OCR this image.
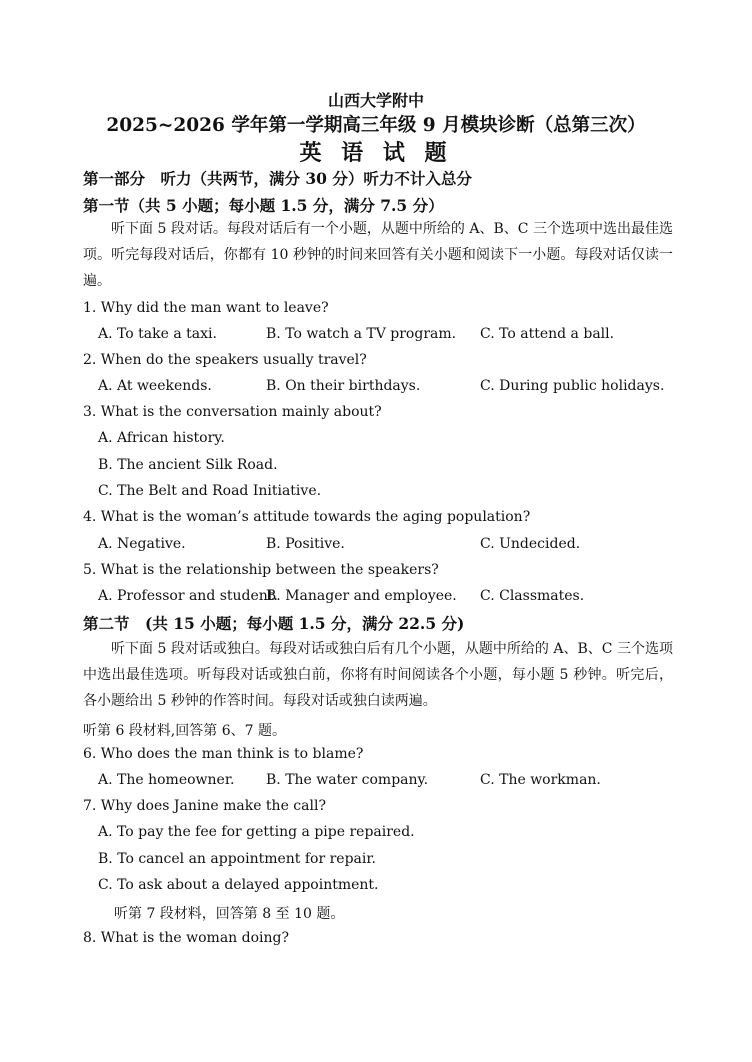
山西大学附中
2025~2026 学年第一学期高三年级 9 月模块诊断（总第三次）
英 语 试 题
第一部分　听力（共两节，满分 30 分）听力不计入总分
第一节（共 5 小题；每小题 1.5 分，满分 7.5 分）
听下面 5 段对话。每段对话后有一个小题，从题中所给的 A、B、C 三个选项中选出最佳选项。听完每段对话后，你都有 10 秒钟的时间来回答有关小题和阅读下一小题。每段对话仅读一遍。
1. Why did the man want to leave?
A. To take a taxi.	B. To watch a TV program. C. To attend a ball.
2. When do the speakers usually travel?
A. At weekends.	B. On their birthdays.	C. During public holidays.
3. What is the conversation mainly about?
A. African history.
B. The ancient Silk Road.
C. The Belt and Road Initiative.
4. What is the woman’s attitude towards the aging population?
A. Negative.	B. Positive.	C. Undecided.
5. What is the relationship between the speakers?
A. Professor and student.
B. Manager and employee. C. Classmates.
第二节　(共 15 小题；每小题 1.5 分，满分 22.5 分)
听下面 5 段对话或独白。每段对话或独白后有几个小题，从题中所给的 A、B、C 三个选项中选出最佳选项。听每段对话或独白前，你将有时间阅读各个小题，每小题 5 秒钟。听完后，各小题给出 5 秒钟的作答时间。每段对话或独白读两遍。
听第 6 段材料,回答第 6、7 题。
6. Who does the man think is to blame?
A. The homeowner. B. The water company.	C. The workman.
7. Why does Janine make the call?
A. To pay the fee for getting a pipe repaired.
B. To cancel an appointment for repair.
C. To ask about a delayed appointment.
听第 7 段材料，回答第 8 至 10 题。
8. What is the woman doing?
